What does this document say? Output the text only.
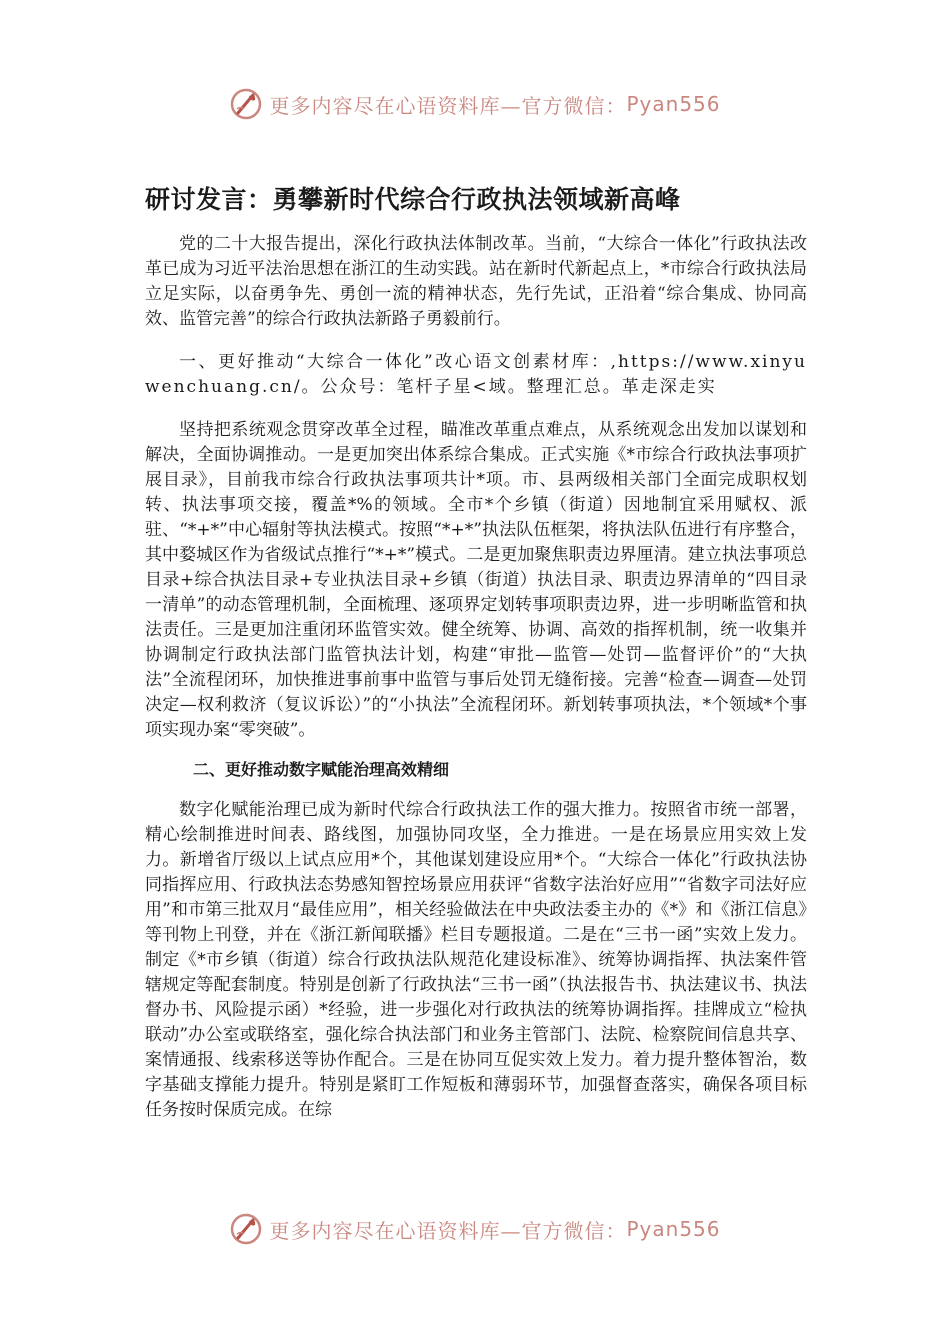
更多内容尽在心语资料库—官方微信： Pyan556
研讨发言：勇攀新时代综合行政执法领域新高峰

党的二十大报告提出，深化行政执法体制改革。当前，“大综合一体化”行政执法改革已成为习近平法治思想在浙江的生动实践。站在新时代新起点上，*市综合行政执法局立足实际，以奋勇争先、勇创一流的精神状态，先行先试，正沿着“综合集成、协同高效、监管完善”的综合行政执法新路子勇毅前行。

一、更好推动“大综合一体化”改心语文创素材库：,https://www.xinyuwenchuang.cn/。公众号：笔杆子星<域。整理汇总。革走深走实

坚持把系统观念贯穿改革全过程，瞄准改革重点难点，从系统观念出发加以谋划和解决，全面协调推动。一是更加突出体系综合集成。正式实施《*市综合行政执法事项扩展目录》，目前我市综合行政执法事项共计*项。市、县两级相关部门全面完成职权划转、执法事项交接，覆盖*%的领域。全市*个乡镇（街道）因地制宜采用赋权、派驻、“*+*”中心辐射等执法模式。按照“*+*”执法队伍框架，将执法队伍进行有序整合，其中婺城区作为省级试点推行“*+*”模式。二是更加聚焦职责边界厘清。建立执法事项总目录+综合执法目录+专业执法目录+乡镇（街道）执法目录、职责边界清单的“四目录一清单”的动态管理机制，全面梳理、逐项界定划转事项职责边界，进一步明晰监管和执法责任。三是更加注重闭环监管实效。健全统筹、协调、高效的指挥机制，统一收集并协调制定行政执法部门监管执法计划，构建“审批—监管—处罚—监督评价”的“大执法”全流程闭环，加快推进事前事中监管与事后处罚无缝衔接。完善“检查—调查—处罚决定—权利救济（复议诉讼）”的“小执法”全流程闭环。新划转事项执法，*个领域*个事项实现办案“零突破”。

二、更好推动数字赋能治理高效精细

数字化赋能治理已成为新时代综合行政执法工作的强大推力。按照省市统一部署，精心绘制推进时间表、路线图，加强协同攻坚，全力推进。一是在场景应用实效上发力。新增省厅级以上试点应用*个，其他谋划建设应用*个。“大综合一体化”行政执法协同指挥应用、行政执法态势感知智控场景应用获评“省数字法治好应用”“省数字司法好应用”和市第三批双月“最佳应用”，相关经验做法在中央政法委主办的《*》和《浙江信息》等刊物上刊登，并在《浙江新闻联播》栏目专题报道。二是在“三书一函”实效上发力。制定《*市乡镇（街道）综合行政执法队规范化建设标准》、统筹协调指挥、执法案件管辖规定等配套制度。特别是创新了行政执法“三书一函”（执法报告书、执法建议书、执法督办书、风险提示函）*经验，进一步强化对行政执法的统筹协调指挥。挂牌成立“检执联动”办公室或联络室，强化综合执法部门和业务主管部门、法院、检察院间信息共享、案情通报、线索移送等协作配合。三是在协同互促实效上发力。着力提升整体智治，数字基础支撑能力提升。特别是紧盯工作短板和薄弱环节，加强督查落实，确保各项目标任务按时保质完成。在综

更多内容尽在心语资料库—官方微信： Pyan556
